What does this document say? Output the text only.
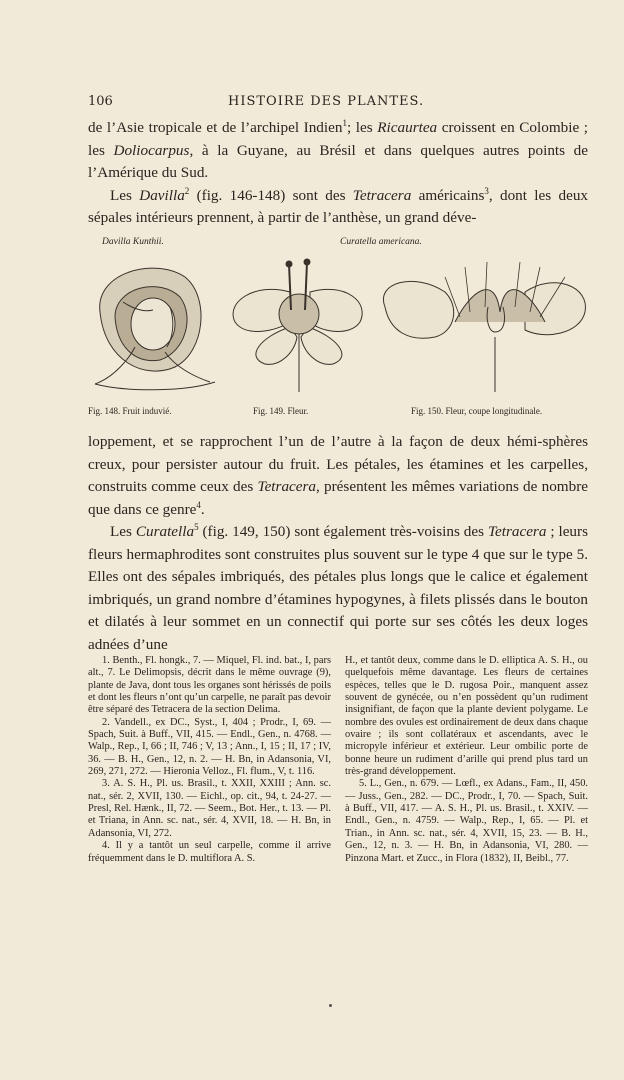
106	HISTOIRE DES PLANTES.

de l’Asie tropicale et de l’archipel Indien$^1$; les Ricaurtea croissent en Colombie ; les Doliocarpus, à la Guyane, au Brésil et dans quelques autres points de l’Amérique du Sud.

Les Davilla$^2$ (fig. 146-148) sont des Tetracera américains$^3$, dont les deux sépales intérieurs prennent, à partir de l’anthèse, un grand déve-

Davilla Kunthii.	Curatella americana.
Fig. 148. Fruit induvié.	Fig. 149. Fleur.	Fig. 150. Fleur, coupe longitudinale.

loppement, et se rapprochent l’un de l’autre à la façon de deux hémi-sphères creux, pour persister autour du fruit. Les pétales, les étamines et les carpelles, construits comme ceux des Tetracera, présentent les mêmes variations de nombre que dans ce genre$^4$.

Les Curatella$^5$ (fig. 149, 150) sont également très-voisins des Tetracera ; leurs fleurs hermaphrodites sont construites plus souvent sur le type 4 que sur le type 5. Elles ont des sépales imbriqués, des pétales plus longs que le calice et également imbriqués, un grand nombre d’étamines hypogynes, à filets plissés dans le bouton et dilatés à leur sommet en un connectif qui porte sur ses côtés les deux loges adnées d’une

1. Benth., Fl. hongk., 7. — Miquel, Fl. ind. bat., I, pars alt., 7. Le Delimopsis, décrit dans le même ouvrage (9), plante de Java, dont tous les organes sont hérissés de poils et dont les fleurs n’ont qu’un carpelle, ne paraît pas devoir être séparé des Tetracera de la section Delima.

2. Vandell., ex DC., Syst., I, 404 ; Prodr., I, 69. — Spach, Suit. à Buff., VII, 415. — Endl., Gen., n. 4768. — Walp., Rep., I, 66 ; II, 746 ; V, 13 ; Ann., I, 15 ; II, 17 ; IV, 36. — B. H., Gen., 12, n. 2. — H. Bn, in Adansonia, VI, 269, 271, 272. — Hieronia Velloz., Fl. flum., V, t. 116.

3. A. S. H., Pl. us. Brasil., t. XXII, XXIII ; Ann. sc. nat., sér. 2, XVII, 130. — Eichl., op. cit., 94, t. 24-27. — Presl, Rel. Hænk., II, 72. — Seem., Bot. Her., t. 13. — Pl. et Triana, in Ann. sc. nat., sér. 4, XVII, 18. — H. Bn, in Adansonia, VI, 272.

4. Il y a tantôt un seul carpelle, comme il arrive fréquemment dans le D. multiflora A. S.

H., et tantôt deux, comme dans le D. elliptica A. S. H., ou quelquefois même davantage. Les fleurs de certaines espèces, telles que le D. rugosa Poir., manquent assez souvent de gynécée, ou n’en possèdent qu’un rudiment insignifiant, de façon que la plante devient polygame. Le nombre des ovules est ordinairement de deux dans chaque ovaire ; ils sont collatéraux et ascendants, avec le micropyle inférieur et extérieur. Leur ombilic porte de bonne heure un rudiment d’arille qui prend plus tard un très-grand développement.

5. L., Gen., n. 679. — Lœfl., ex Adans., Fam., II, 450. — Juss., Gen., 282. — DC., Prodr., I, 70. — Spach, Suit. à Buff., VII, 417. — A. S. H., Pl. us. Brasil., t. XXIV. — Endl., Gen., n. 4759. — Walp., Rep., I, 65. — Pl. et Trian., in Ann. sc. nat., sér. 4, XVII, 15, 23. — B. H., Gen., 12, n. 3. — H. Bn, in Adansonia, VI, 280. — Pinzona Mart. et Zucc., in Flora (1832), II, Beibl., 77.
